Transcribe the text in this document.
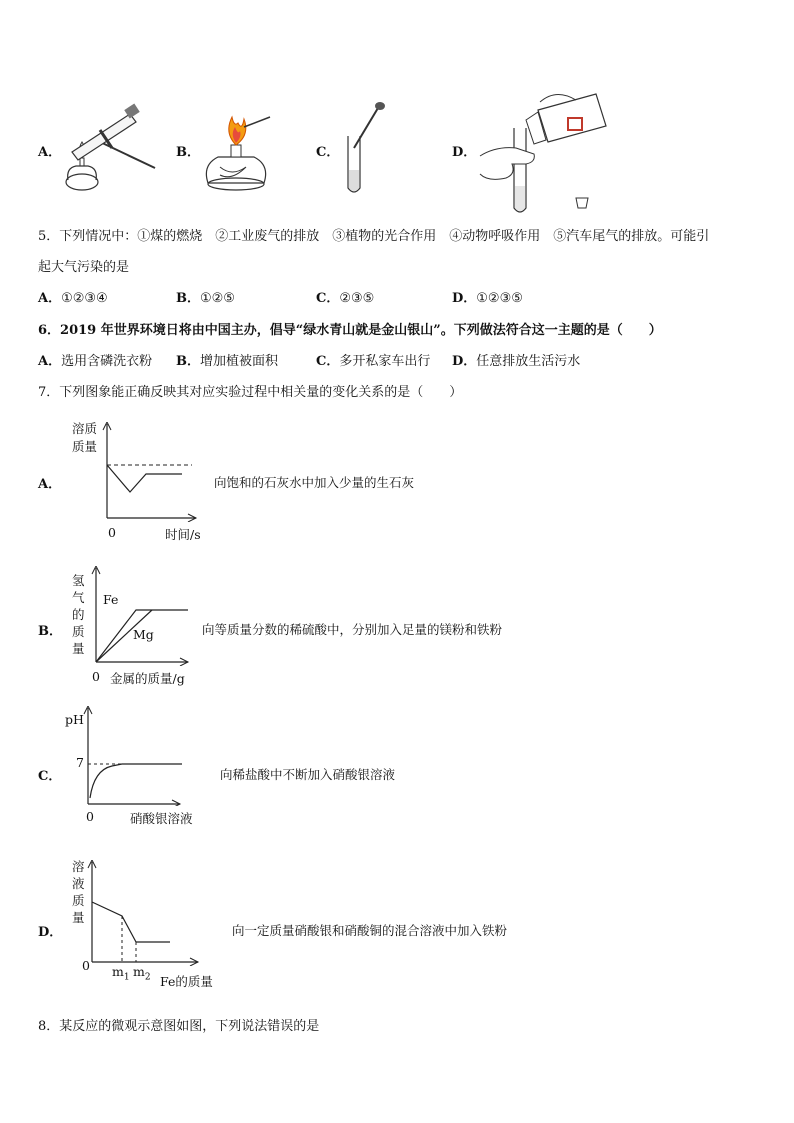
A．	B．	C．	D．
5．下列情况中：①煤的燃烧　②工业废气的排放　③植物的光合作用　④动物呼吸作用　⑤汽车尾气的排放。可能引
起大气污染的是
A．①②③④	B．①②⑤	C．②③⑤	D．①②③⑤
6．2019 年世界环境日将由中国主办，倡导“绿水青山就是金山银山”。下列做法符合这一主题的是（　　）
A．选用含磷洗衣粉 B．增加植被面积	C．多开私家车出行 D．任意排放生活污水
7．下列图象能正确反映其对应实验过程中相关量的变化关系的是（　　）
A．
溶质
质量
0	时间/s
向饱和的石灰水中加入少量的生石灰
B．
氢
气
的
质
量
Fe
Mg
0 金属的质量/g
向等质量分数的稀硫酸中，分别加入足量的镁粉和铁粉
C．
pH
7
0	硝酸银溶液
向稀盐酸中不断加入硝酸银溶液
D．
溶
液
质
量
0 $m_1$ $m_2$ Fe的质量
向一定质量硝酸银和硝酸铜的混合溶液中加入铁粉
8．某反应的微观示意图如图，下列说法错误的是
